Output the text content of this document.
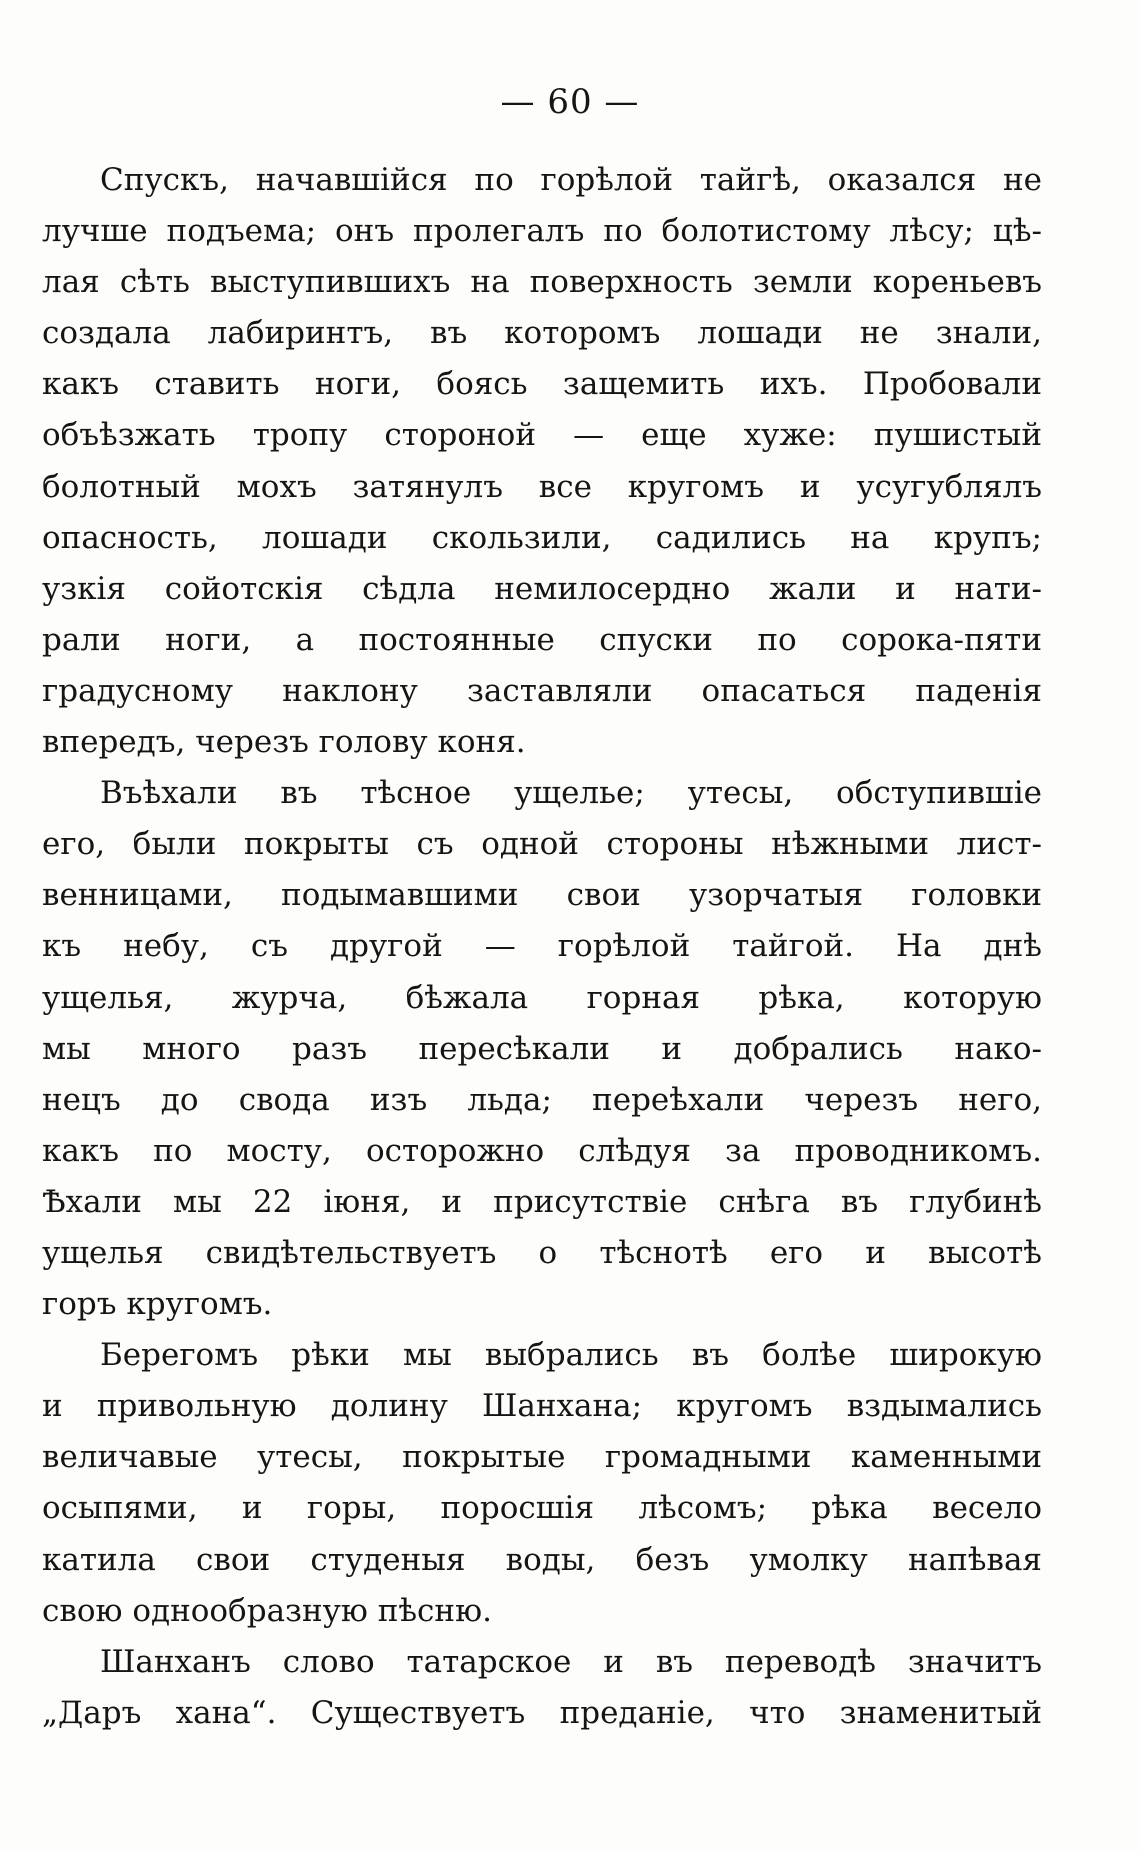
— 60 —
Спускъ, начавшійся по горѣлой тайгѣ, оказался не
лучше подъема; онъ пролегалъ по болотистому лѣсу; цѣ-
лая сѣть выступившихъ на поверхность земли кореньевъ
создала лабиринтъ, въ которомъ лошади не знали,
какъ ставить ноги, боясь защемить ихъ. Пробовали
объѣзжать тропу стороной — еще хуже: пушистый
болотный мохъ затянулъ все кругомъ и усугублялъ
опасность, лошади скользили, садились на крупъ;
узкія сойотскія сѣдла немилосердно жали и нати-
рали ноги, а постоянные спуски по сорока-пяти
градусному наклону заставляли опасаться паденія
впередъ, черезъ голову коня.
Въѣхали въ тѣсное ущелье; утесы, обступившіе
его, были покрыты съ одной стороны нѣжными лист-
венницами, подымавшими свои узорчатыя головки
къ небу, съ другой — горѣлой тайгой. На днѣ
ущелья, журча, бѣжала горная рѣка, которую
мы много разъ пересѣкали и добрались нако-
нецъ до свода изъ льда; переѣхали черезъ него,
какъ по мосту, осторожно слѣдуя за проводникомъ.
Ѣхали мы 22 іюня, и присутствіе снѣга въ глубинѣ
ущелья свидѣтельствуетъ о тѣснотѣ его и высотѣ
горъ кругомъ.
Берегомъ рѣки мы выбрались въ болѣе широкую
и привольную долину Шанхана; кругомъ вздымались
величавые утесы, покрытые громадными каменными
осыпями, и горы, поросшія лѣсомъ; рѣка весело
катила свои студеныя воды, безъ умолку напѣвая
свою однообразную пѣсню.
Шанханъ слово татарское и въ переводѣ значитъ
„Даръ хана“. Существуетъ преданіе, что знаменитый
